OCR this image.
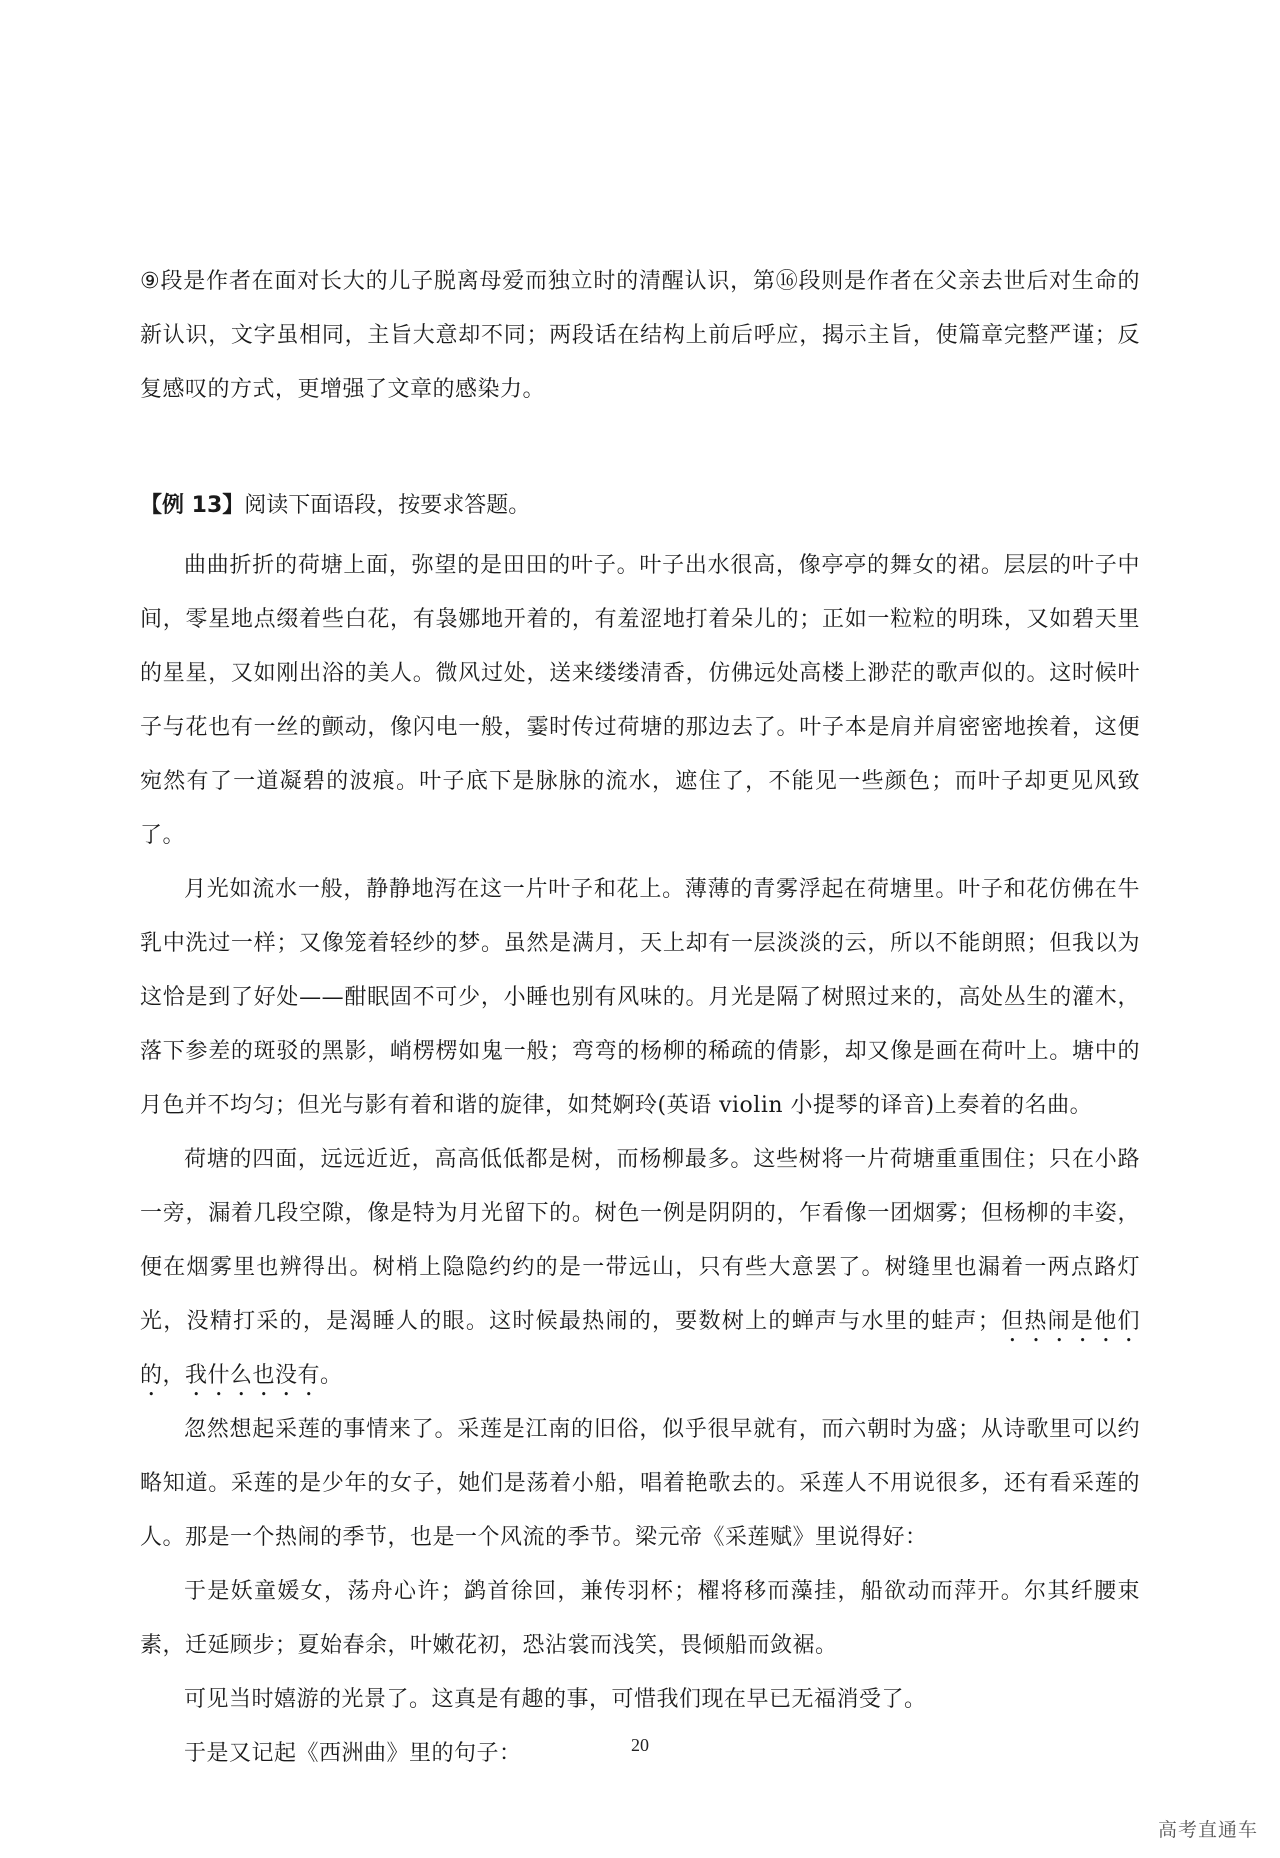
⑨段是作者在面对长大的儿子脱离母爱而独立时的清醒认识，第⑯段则是作者在父亲去世后对生命的新认识，文字虽相同，主旨大意却不同；两段话在结构上前后呼应，揭示主旨，使篇章完整严谨；反复感叹的方式，更增强了文章的感染力。

【例 13】阅读下面语段，按要求答题。

曲曲折折的荷塘上面，弥望的是田田的叶子。叶子出水很高，像亭亭的舞女的裙。层层的叶子中间，零星地点缀着些白花，有袅娜地开着的，有羞涩地打着朵儿的；正如一粒粒的明珠，又如碧天里的星星，又如刚出浴的美人。微风过处，送来缕缕清香，仿佛远处高楼上渺茫的歌声似的。这时候叶子与花也有一丝的颤动，像闪电一般，霎时传过荷塘的那边去了。叶子本是肩并肩密密地挨着，这便宛然有了一道凝碧的波痕。叶子底下是脉脉的流水，遮住了，不能见一些颜色；而叶子却更见风致了。

月光如流水一般，静静地泻在这一片叶子和花上。薄薄的青雾浮起在荷塘里。叶子和花仿佛在牛乳中洗过一样；又像笼着轻纱的梦。虽然是满月，天上却有一层淡淡的云，所以不能朗照；但我以为这恰是到了好处——酣眠固不可少，小睡也别有风味的。月光是隔了树照过来的，高处丛生的灌木，落下参差的斑驳的黑影，峭楞楞如鬼一般；弯弯的杨柳的稀疏的倩影，却又像是画在荷叶上。塘中的月色并不均匀；但光与影有着和谐的旋律，如梵婀玲(英语 violin 小提琴的译音)上奏着的名曲。

荷塘的四面，远远近近，高高低低都是树，而杨柳最多。这些树将一片荷塘重重围住；只在小路一旁，漏着几段空隙，像是特为月光留下的。树色一例是阴阴的，乍看像一团烟雾；但杨柳的丰姿，便在烟雾里也辨得出。树梢上隐隐约约的是一带远山，只有些大意罢了。树缝里也漏着一两点路灯光，没精打采的，是渴睡人的眼。这时候最热闹的，要数树上的蝉声与水里的蛙声；但热闹是他们的，我什么也没有。

忽然想起采莲的事情来了。采莲是江南的旧俗，似乎很早就有，而六朝时为盛；从诗歌里可以约略知道。采莲的是少年的女子，她们是荡着小船，唱着艳歌去的。采莲人不用说很多，还有看采莲的人。那是一个热闹的季节，也是一个风流的季节。梁元帝《采莲赋》里说得好：

于是妖童媛女，荡舟心许；鹢首徐回，兼传羽杯；櫂将移而藻挂，船欲动而萍开。尔其纤腰束素，迁延顾步；夏始春余，叶嫩花初，恐沾裳而浅笑，畏倾船而敛裾。

可见当时嬉游的光景了。这真是有趣的事，可惜我们现在早已无福消受了。

于是又记起《西洲曲》里的句子：	20
高考直通车
